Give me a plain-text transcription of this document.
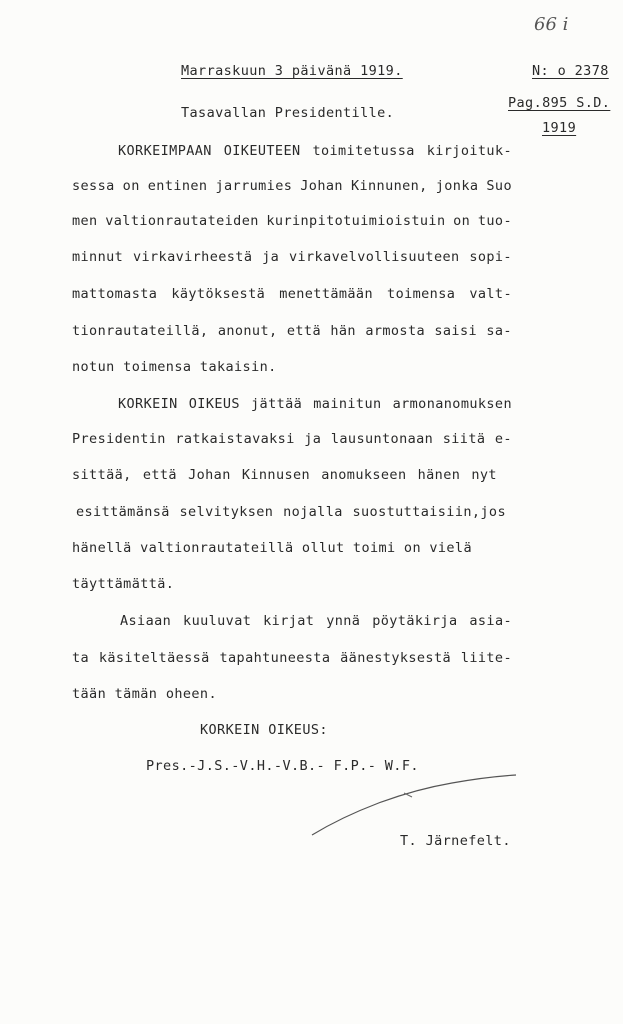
66 i
Marraskuun 3 päivänä 1919.	N: o 2378
Pag.895 S.D.
1919
Tasavallan Presidentille.
KORKEIMPAAN OIKEUTEEN toimitetussa kirjoituk-
sessa on entinen jarrumies Johan Kinnunen, jonka Suo
men valtionrautateiden kurinpitotuimioistuin on tuo-
minnut virkavirheestä ja virkavelvollisuuteen sopi-
mattomasta käytöksestä menettämään toimensa valt-
tionrautateillä, anonut, että hän armosta saisi sa-
notun toimensa takaisin.
KORKEIN OIKEUS jättää mainitun armonanomuksen
Presidentin ratkaistavaksi ja lausuntonaan siitä e-
sittää, että Johan Kinnusen anomukseen hänen nyt
esittämänsä selvityksen nojalla suostuttaisiin,jos
hänellä valtionrautateillä ollut toimi on vielä
täyttämättä.
Asiaan kuuluvat kirjat ynnä pöytäkirja asia-
ta käsiteltäessä tapahtuneesta äänestyksestä liite-
tään tämän oheen.
KORKEIN OIKEUS:
Pres.-J.S.-V.H.-V.B.- F.P.- W.F.
T. Järnefelt.
